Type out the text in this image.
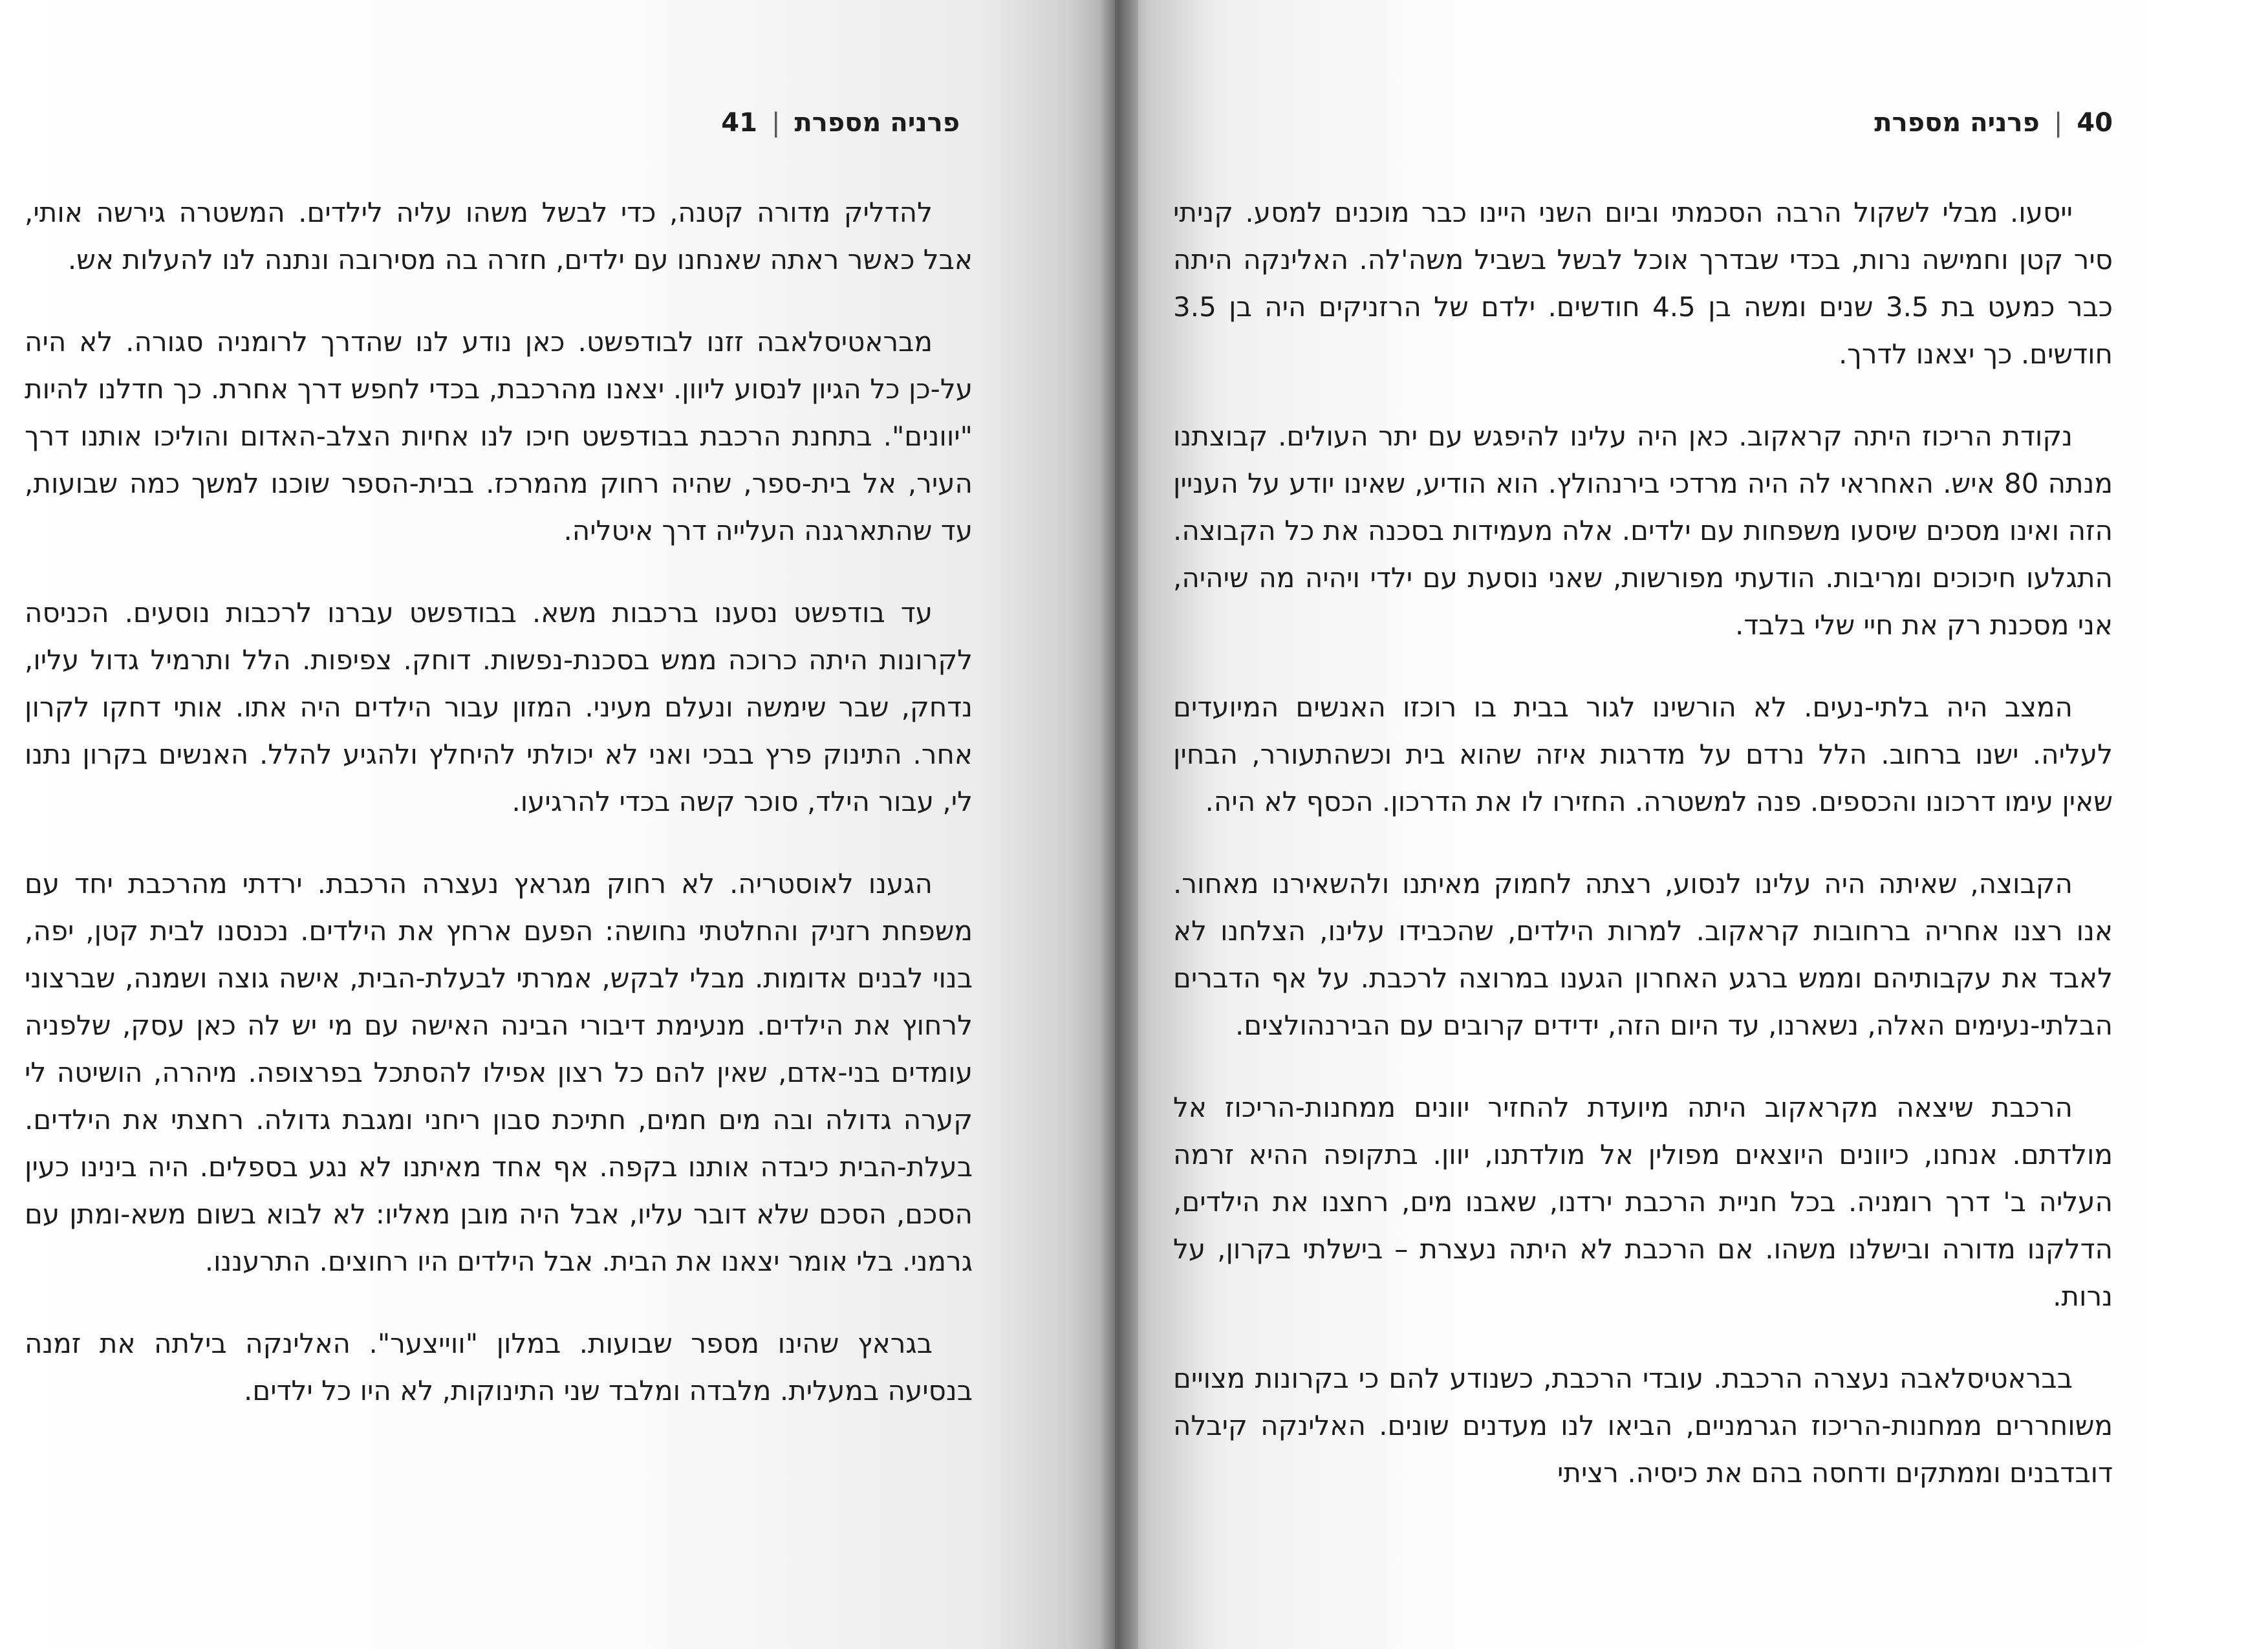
41 | פרניה מספרת

להדליק מדורה קטנה, כדי לבשל משהו עליה לילדים. המשטרה גירשה אותי, אבל כאשר ראתה שאנחנו עם ילדים, חזרה בה מסירובה ונתנה לנו להעלות אש.

מבראטיסלאבה זזנו לבודפשט. כאן נודע לנו שהדרך לרומניה סגורה. לא היה על-כן כל הגיון לנסוע ליוון. יצאנו מהרכבת, בכדי לחפש דרך אחרת. כך חדלנו להיות "יוונים". בתחנת הרכבת בבודפשט חיכו לנו אחיות הצלב-האדום והוליכו אותנו דרך העיר, אל בית-ספר, שהיה רחוק מהמרכז. בבית-הספר שוכנו למשך כמה שבועות, עד שהתארגנה העלייה דרך איטליה.

עד בודפשט נסענו ברכבות משא. בבודפשט עברנו לרכבות נוסעים. הכניסה לקרונות היתה כרוכה ממש בסכנת-נפשות. דוחק. צפיפות. הלל ותרמיל גדול עליו, נדחק, שבר שימשה ונעלם מעיני. המזון עבור הילדים היה אתו. אותי דחקו לקרון אחר. התינוק פרץ בבכי ואני לא יכולתי להיחלץ ולהגיע להלל. האנשים בקרון נתנו לי, עבור הילד, סוכר קשה בכדי להרגיעו.

הגענו לאוסטריה. לא רחוק מגראץ נעצרה הרכבת. ירדתי מהרכבת יחד עם משפחת רזניק והחלטתי נחושה: הפעם ארחץ את הילדים. נכנסנו לבית קטן, יפה, בנוי לבנים אדומות. מבלי לבקש, אמרתי לבעלת-הבית, אישה גוצה ושמנה, שברצוני לרחוץ את הילדים. מנעימת דיבורי הבינה האישה עם מי יש לה כאן עסק, שלפניה עומדים בני-אדם, שאין להם כל רצון אפילו להסתכל בפרצופה. מיהרה, הושיטה לי קערה גדולה ובה מים חמים, חתיכת סבון ריחני ומגבת גדולה. רחצתי את הילדים. בעלת-הבית כיבדה אותנו בקפה. אף אחד מאיתנו לא נגע בספלים. היה בינינו כעין הסכם, הסכם שלא דובר עליו, אבל היה מובן מאליו: לא לבוא בשום משא-ומתן עם גרמני. בלי אומר יצאנו את הבית. אבל הילדים היו רחוצים. התרעננו.

בגראץ שהינו מספר שבועות. במלון "ווייצער". האלינקה בילתה את זמנה בנסיעה במעלית. מלבדה ומלבד שני התינוקות, לא היו כל ילדים.

40
|
פרניה מספרת

ייסעו. מבלי לשקול הרבה הסכמתי וביום השני היינו כבר מוכנים למסע. קניתי סיר קטן וחמישה נרות, בכדי שבדרך אוכל לבשל בשביל משה'לה. האלינקה היתה כבר כמעט בת 3.5 שנים ומשה בן 4.5 חודשים. ילדם של הרזניקים היה בן 3.5 חודשים. כך יצאנו לדרך.

נקודת הריכוז היתה קראקוב. כאן היה עלינו להיפגש עם יתר העולים. קבוצתנו מנתה 80 איש. האחראי לה היה מרדכי בירנהולץ. הוא הודיע, שאינו יודע על העניין הזה ואינו מסכים שיסעו משפחות עם ילדים. אלה מעמידות בסכנה את כל הקבוצה. התגלעו חיכוכים ומריבות. הודעתי מפורשות, שאני נוסעת עם ילדי ויהיה מה שיהיה, אני מסכנת רק את חיי שלי בלבד.

המצב היה בלתי-נעים. לא הורשינו לגור בבית בו רוכזו האנשים המיועדים לעליה. ישנו ברחוב. הלל נרדם על מדרגות איזה שהוא בית וכשהתעורר, הבחין שאין עימו דרכונו והכספים. פנה למשטרה. החזירו לו את הדרכון. הכסף לא היה.

הקבוצה, שאיתה היה עלינו לנסוע, רצתה לחמוק מאיתנו ולהשאירנו מאחור. אנו רצנו אחריה ברחובות קראקוב. למרות הילדים, שהכבידו עלינו, הצלחנו לא לאבד את עקבותיהם וממש ברגע האחרון הגענו במרוצה לרכבת. על אף הדברים הבלתי-נעימים האלה, נשארנו, עד היום הזה, ידידים קרובים עם הבירנהולצים.

הרכבת שיצאה מקראקוב היתה מיועדת להחזיר יוונים ממחנות-הריכוז אל מולדתם. אנחנו, כיוונים היוצאים מפולין אל מולדתנו, יוון. בתקופה ההיא זרמה העליה ב' דרך רומניה. בכל חניית הרכבת ירדנו, שאבנו מים, רחצנו את הילדים, הדלקנו מדורה ובישלנו משהו. אם הרכבת לא היתה נעצרת – בישלתי בקרון, על נרות.

בבראטיסלאבה נעצרה הרכבת. עובדי הרכבת, כשנודע להם כי בקרונות מצויים משוחררים ממחנות-הריכוז הגרמניים, הביאו לנו מעדנים שונים. האלינקה קיבלה דובדבנים וממתקים ודחסה בהם את כיסיה. רציתי
